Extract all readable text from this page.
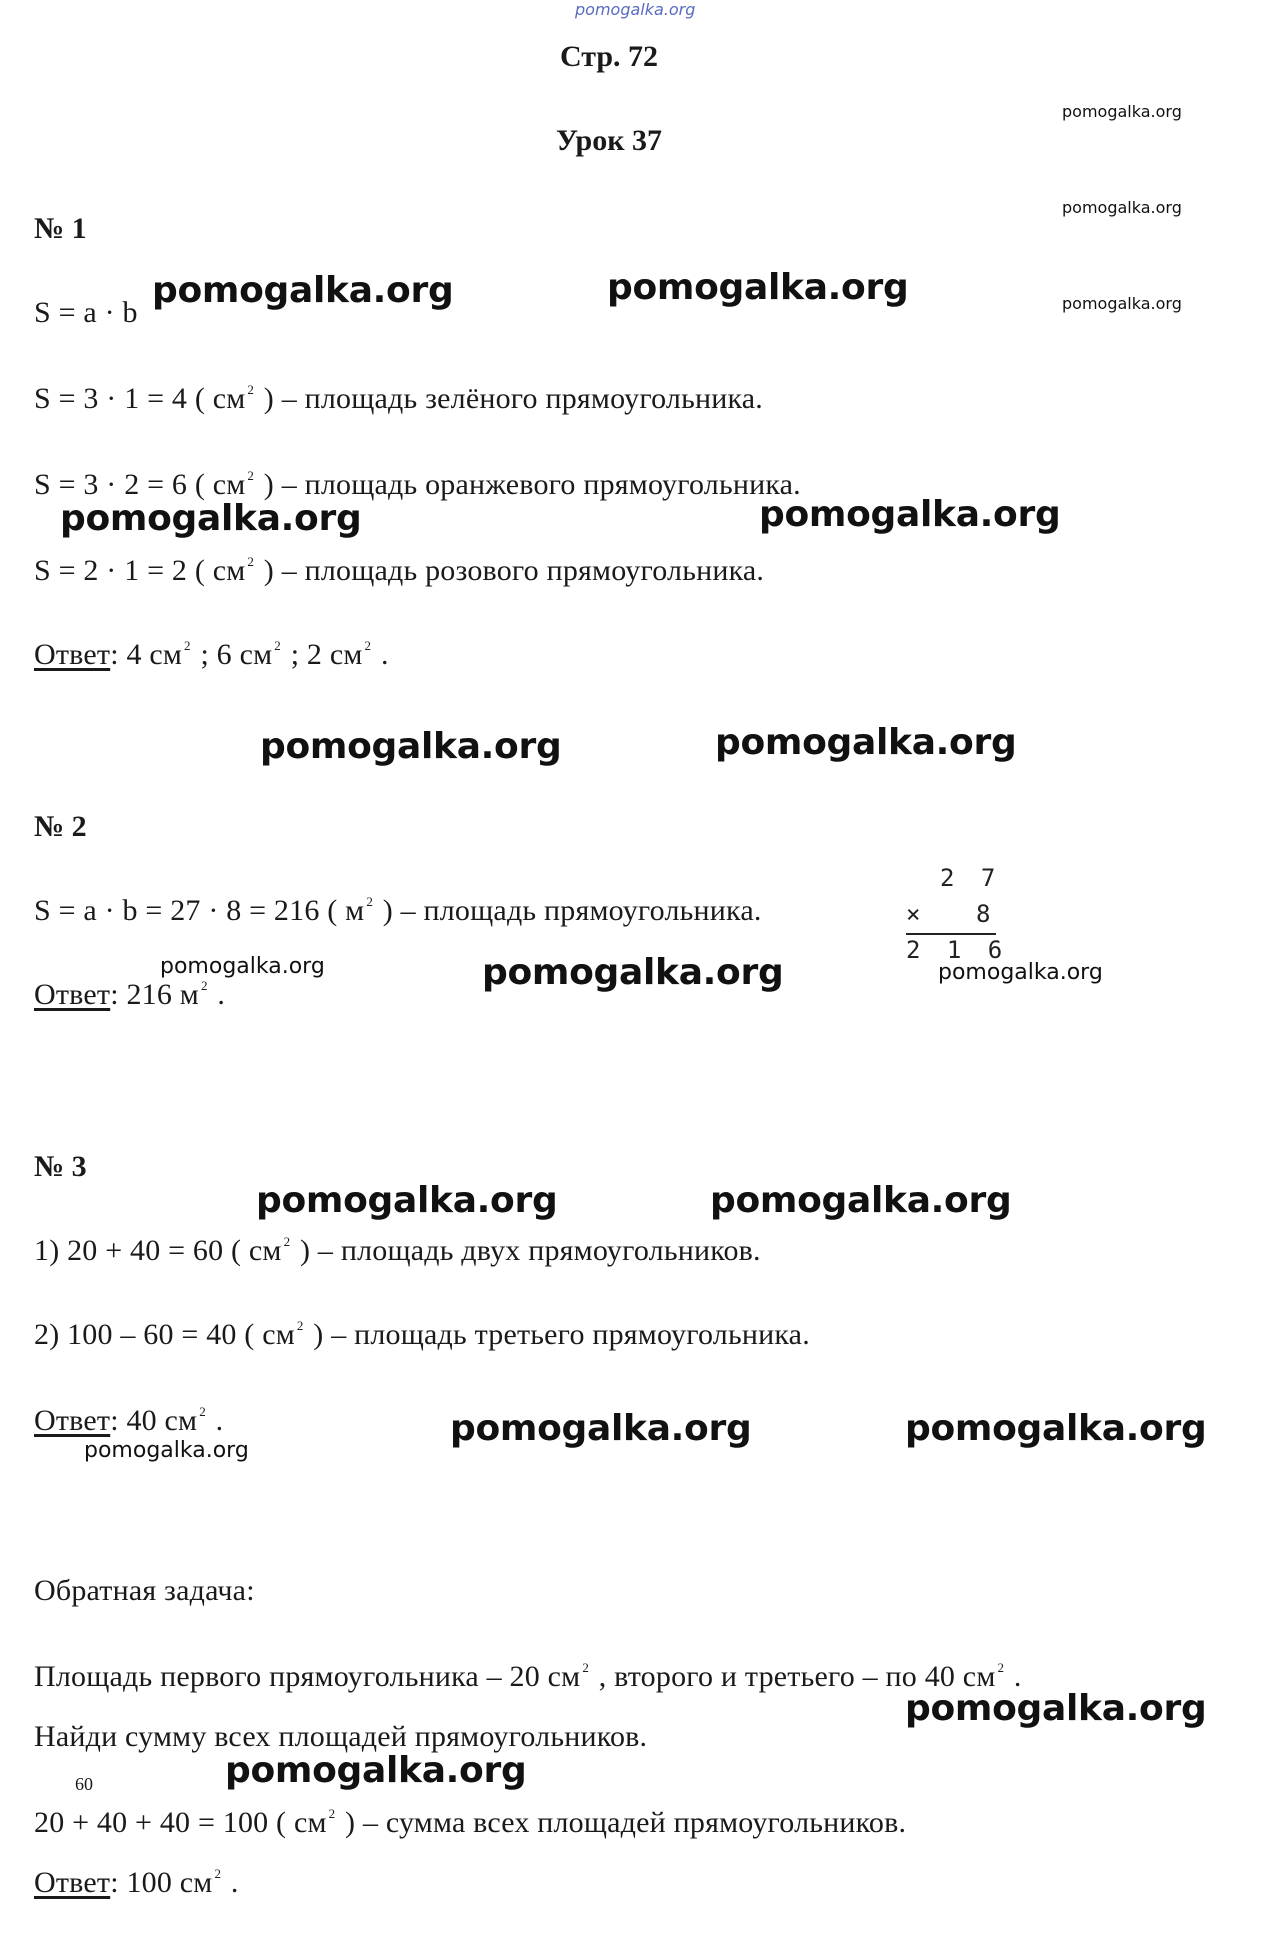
pomogalka.org
Стр. 72
Урок 37
pomogalka.org
pomogalka.org
pomogalka.org
№ 1
S = a · b
pomogalka.org	pomogalka.org
S = 3 · 1 = 4 ( см $^2$ ) – площадь зелёного прямоугольника.
S = 3 · 2 = 6 ( см $^2$ ) – площадь оранжевого прямоугольника.
pomogalka.org	pomogalka.org
S = 2 · 1 = 2 ( см $^2$ ) – площадь розового прямоугольника.
Ответ: 4 см $^2$ ; 6 см $^2$ ; 2 см $^2$ .
pomogalka.org	pomogalka.org
№ 2
S = a · b = 27 · 8 = 216 ( м $^2$ ) – площадь прямоугольника.
2 7
× 8
2 1 6
pomogalka.org	pomogalka.org	pomogalka.org
Ответ: 216 м $^2$ .
№ 3
pomogalka.org	pomogalka.org
1) 20 + 40 = 60 ( см $^2$ ) – площадь двух прямоугольников.
2) 100 – 60 = 40 ( см $^2$ ) – площадь третьего прямоугольника.
Ответ: 40 см $^2$ .	pomogalka.org	pomogalka.org
pomogalka.org
Обратная задача:
Площадь первого прямоугольника – 20 см $^2$ , второго и третьего – по 40 см $^2$ .
pomogalka.org
Найди сумму всех площадей прямоугольников.
60	pomogalka.org
20 + 40 + 40 = 100 ( см $^2$ ) – сумма всех площадей прямоугольников.
Ответ: 100 см $^2$ .
